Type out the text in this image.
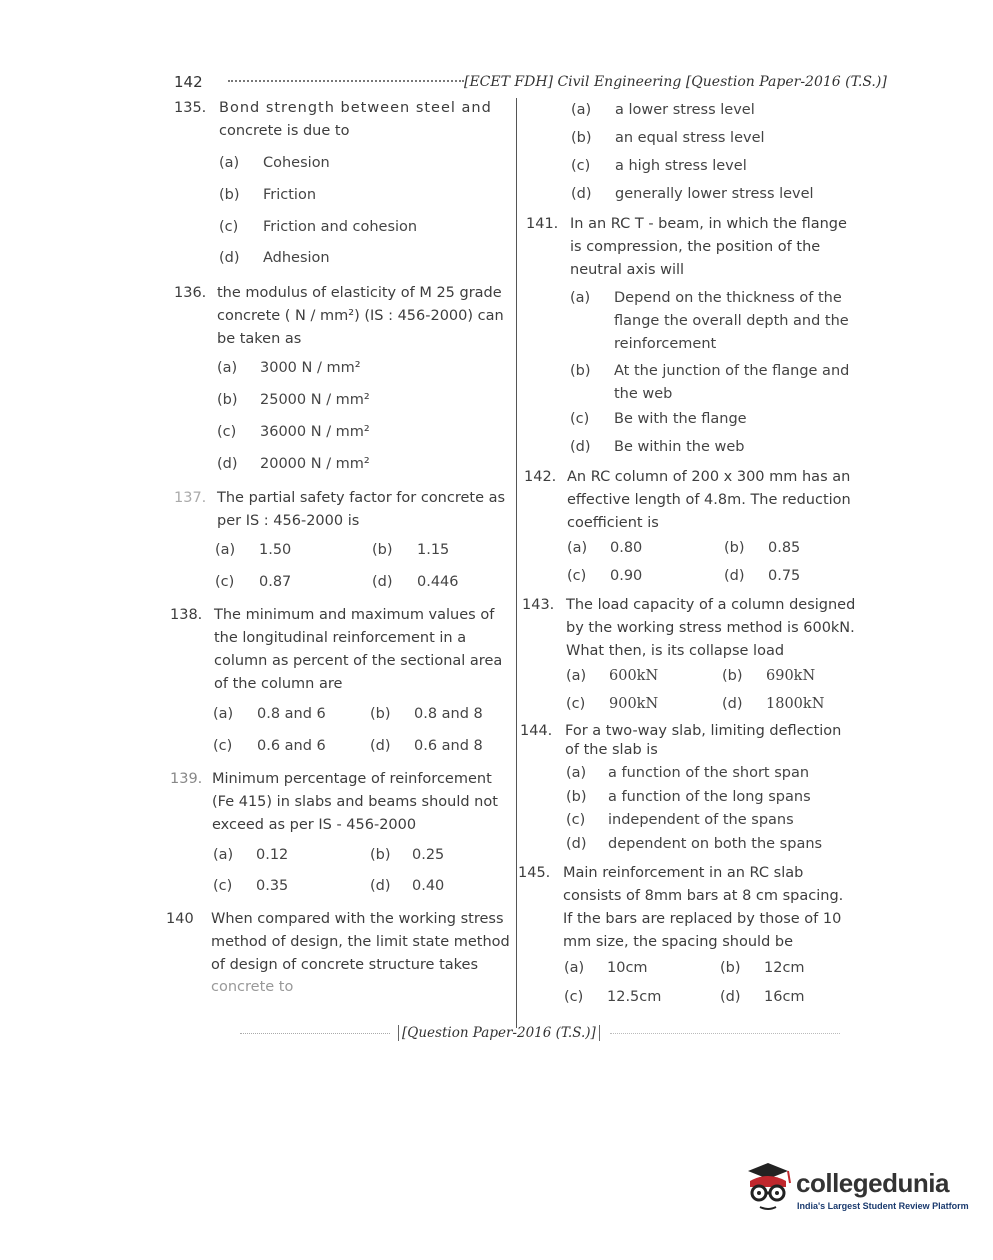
142	[ECET FDH] Civil Engineering [Question Paper-2016 (T.S.)]
135. Bond strength between steel and
concrete is due to
(a) Cohesion
(b) Friction
(c) Friction and cohesion
(d) Adhesion
136. the modulus of elasticity of M 25 grade
concrete ( N / mm²) (IS : 456-2000) can
be taken as
(a) 3000 N / mm²
(b) 25000 N / mm²
(c) 36000 N / mm²
(d) 20000 N / mm²
137. The partial safety factor for concrete as
per IS : 456-2000 is
(a) 1.50	(b) 1.15
(c) 0.87	(d) 0.446
138. The minimum and maximum values of
the longitudinal reinforcement in a
column as percent of the sectional area
of the column are
(a) 0.8 and 6	(b) 0.8 and 8
(c) 0.6 and 6	(d) 0.6 and 8
139. Minimum percentage of reinforcement
(Fe 415) in slabs and beams should not
exceed as per IS - 456-2000
(a) 0.12	(b) 0.25
(c) 0.35	(d) 0.40
140 When compared with the working stress
method of design, the limit state method
of design of concrete structure takes
concrete to
(a) a lower stress level
(b) an equal stress level
(c) a high stress level
(d) generally lower stress level
141. In an RC T - beam, in which the flange
is compression, the position of the
neutral axis will
(a) Depend on the thickness of the
flange the overall depth and the
reinforcement
(b) At the junction of the flange and
the web
(c) Be with the flange
(d) Be within the web
142. An RC column of 200 x 300 mm has an
effective length of 4.8m. The reduction
coefficient is
(a) 0.80	(b) 0.85
(c) 0.90	(d) 0.75
143. The load capacity of a column designed
by the working stress method is 600kN.
What then, is its collapse load
(a) 600kN	(b) 690kN
(c) 900kN	(d) 1800kN
144. For a two-way slab, limiting deflection
of the slab is
(a) a function of the short span
(b) a function of the long spans
(c) independent of the spans
(d) dependent on both the spans
145. Main reinforcement in an RC slab
consists of 8mm bars at 8 cm spacing.
If the bars are replaced by those of 10
mm size, the spacing should be
(a) 10cm	(b) 12cm
(c) 12.5cm	(d) 16cm
[Question Paper-2016 (T.S.)]
collegedunia
India's Largest Student Review Platform
